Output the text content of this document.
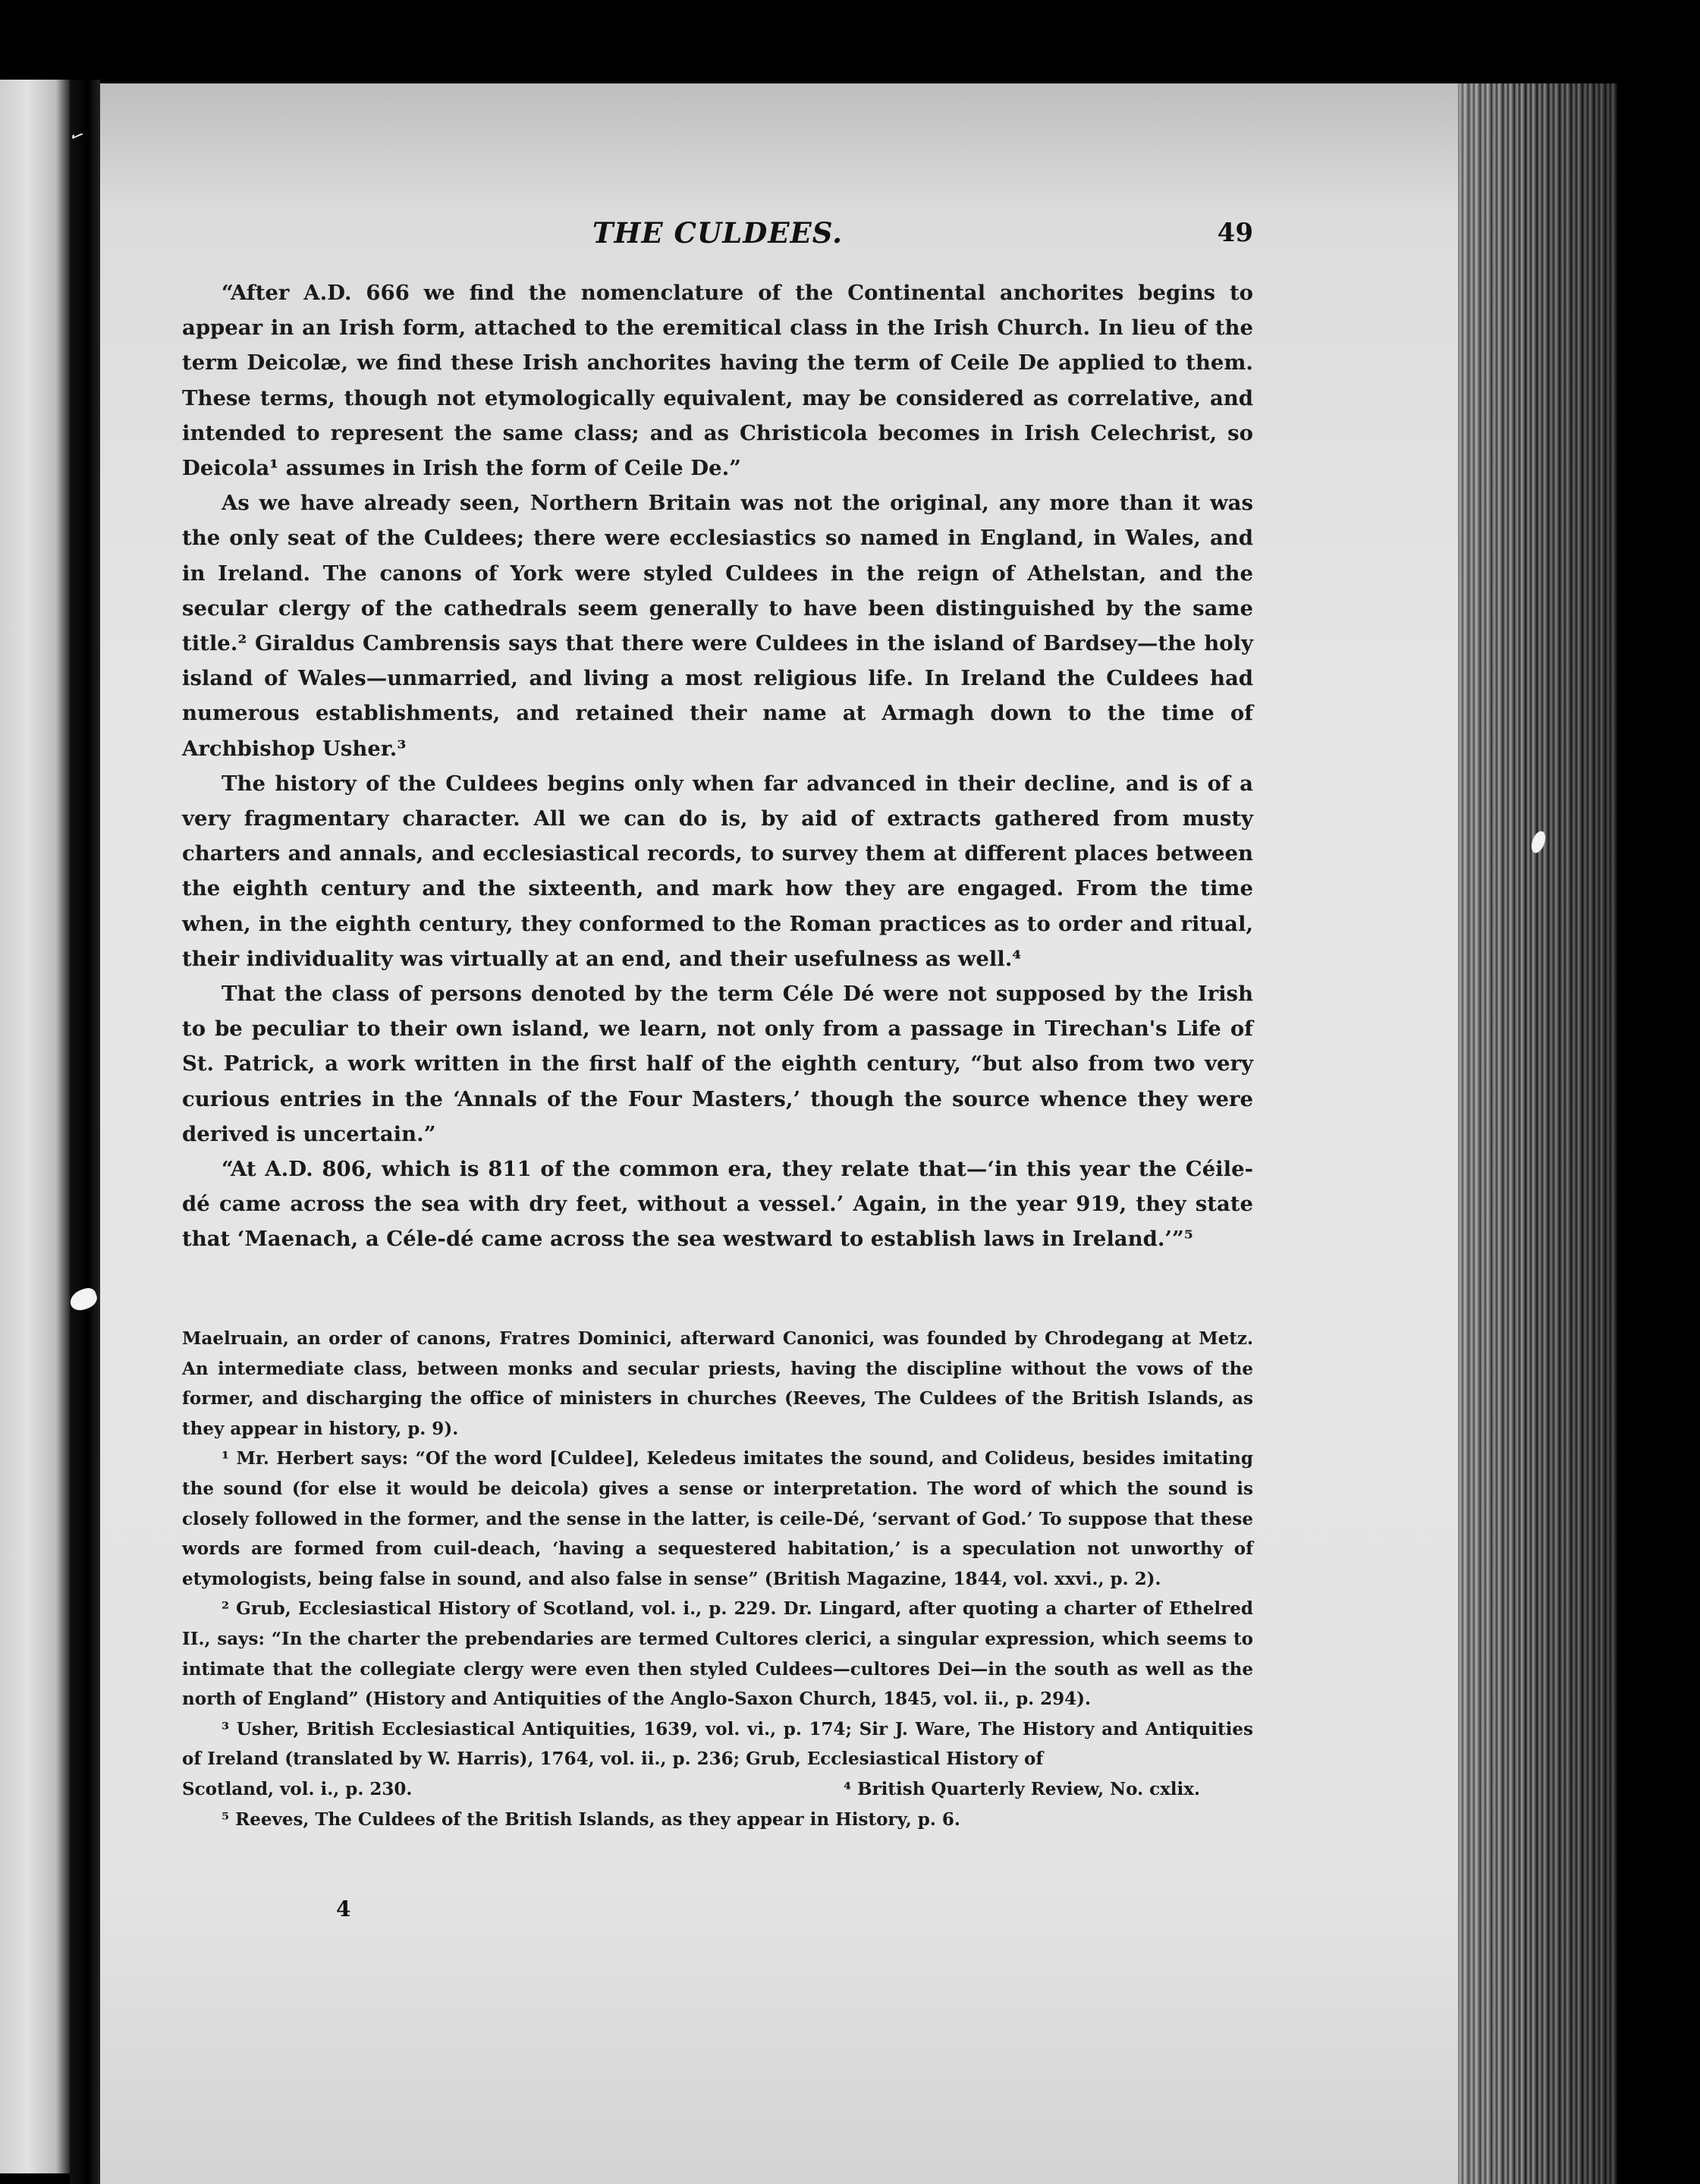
✓
THE CULDEES.	49

“After A.D. 666 we find the nomenclature of the Continental anchorites begins to appear in an Irish form, attached to the eremitical class in the Irish Church. In lieu of the term Deicolæ, we find these Irish anchorites having the term of Ceile De applied to them. These terms, though not etymologically equivalent, may be considered as correlative, and intended to represent the same class; and as Christicola becomes in Irish Celechrist, so Deicola¹ assumes in Irish the form of Ceile De.”

As we have already seen, Northern Britain was not the original, any more than it was the only seat of the Culdees; there were ecclesiastics so named in England, in Wales, and in Ireland. The canons of York were styled Culdees in the reign of Athelstan, and the secular clergy of the cathedrals seem generally to have been distinguished by the same title.² Giraldus Cambrensis says that there were Culdees in the island of Bardsey—the holy island of Wales—unmarried, and living a most religious life. In Ireland the Culdees had numerous establishments, and retained their name at Armagh down to the time of Archbishop Usher.³

The history of the Culdees begins only when far advanced in their decline, and is of a very fragmentary character. All we can do is, by aid of extracts gathered from musty charters and annals, and ecclesiastical records, to survey them at different places between the eighth century and the sixteenth, and mark how they are engaged. From the time when, in the eighth century, they conformed to the Roman practices as to order and ritual, their individuality was virtually at an end, and their usefulness as well.⁴

That the class of persons denoted by the term Céle Dé were not supposed by the Irish to be peculiar to their own island, we learn, not only from a passage in Tirechan's Life of St. Patrick, a work written in the first half of the eighth century, “but also from two very curious entries in the ‘Annals of the Four Masters,’ though the source whence they were derived is uncertain.”

“At A.D. 806, which is 811 of the common era, they relate that—‘in this year the Céile-dé came across the sea with dry feet, without a vessel.’ Again, in the year 919, they state that ‘Maenach, a Céle-dé came across the sea westward to establish laws in Ireland.’”⁵

Maelruain, an order of canons, Fratres Dominici, afterward Canonici, was founded by Chrodegang at Metz. An intermediate class, between monks and secular priests, having the discipline without the vows of the former, and discharging the office of ministers in churches (Reeves, The Culdees of the British Islands, as they appear in history, p. 9).

¹ Mr. Herbert says: “Of the word [Culdee], Keledeus imitates the sound, and Colideus, besides imitating the sound (for else it would be deicola) gives a sense or interpretation. The word of which the sound is closely followed in the former, and the sense in the latter, is ceile-Dé, ‘servant of God.’ To suppose that these words are formed from cuil-deach, ‘having a sequestered habitation,’ is a speculation not unworthy of etymologists, being false in sound, and also false in sense” (British Magazine, 1844, vol. xxvi., p. 2).

² Grub, Ecclesiastical History of Scotland, vol. i., p. 229. Dr. Lingard, after quoting a charter of Ethelred II., says: “In the charter the prebendaries are termed Cultores clerici, a singular expression, which seems to intimate that the collegiate clergy were even then styled Culdees—cultores Dei—in the south as well as the north of England” (History and Antiquities of the Anglo-Saxon Church, 1845, vol. ii., p. 294).

³ Usher, British Ecclesiastical Antiquities, 1639, vol. vi., p. 174; Sir J. Ware, The History and Antiquities of Ireland (translated by W. Harris), 1764, vol. ii., p. 236; Grub, Ecclesiastical History of

Scotland, vol. i., p. 230.	⁴ British Quarterly Review, No. cxlix.

⁵ Reeves, The Culdees of the British Islands, as they appear in History, p. 6.

4
